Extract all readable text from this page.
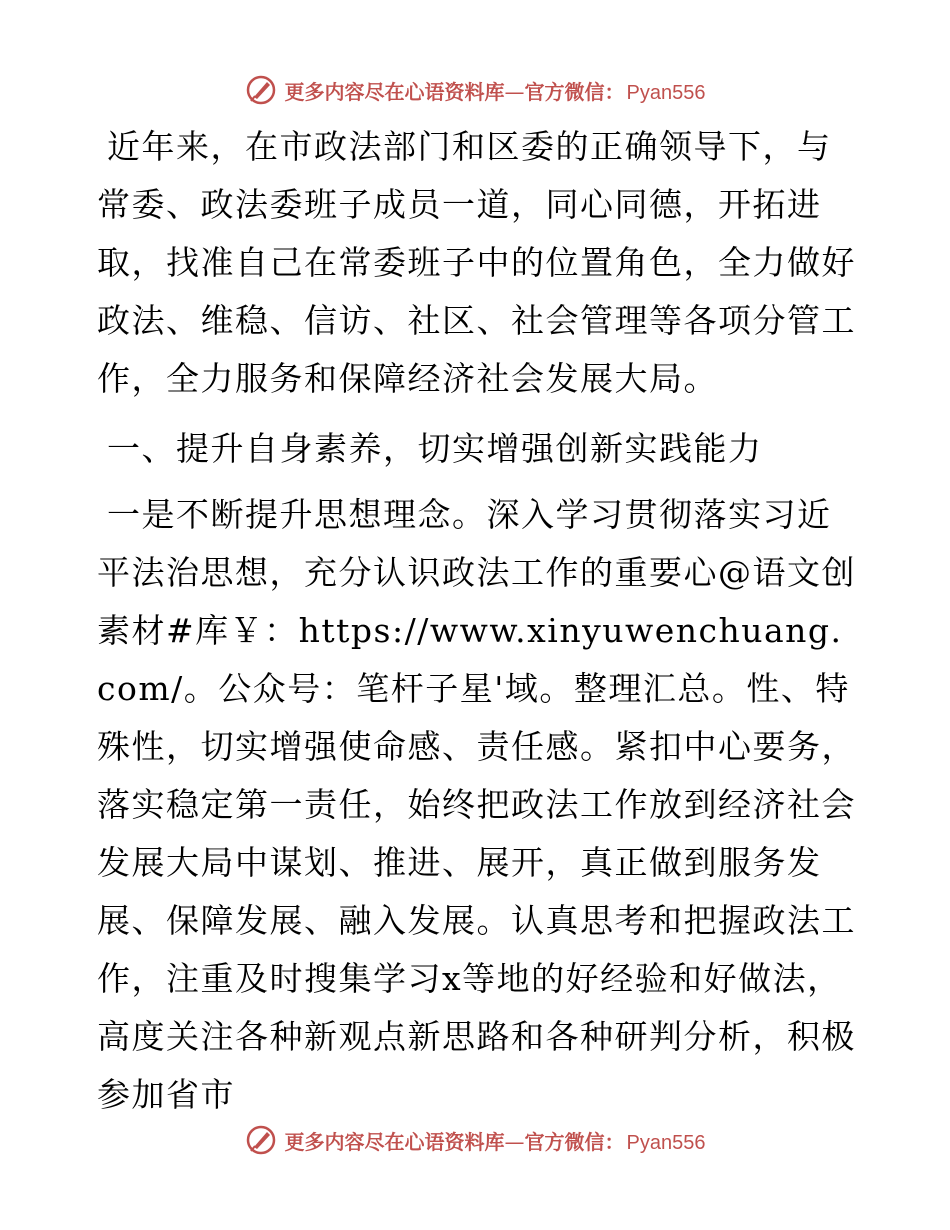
更多内容尽在心语资料库—官方微信： Pyan556

近年来，在市政法部门和区委的正确领导下，与常委、政法委班子成员一道，同心同德，开拓进取，找准自己在常委班子中的位置角色，全力做好政法、维稳、信访、社区、社会管理等各项分管工作，全力服务和保障经济社会发展大局。

一、提升自身素养，切实增强创新实践能力

一是不断提升思想理念。深入学习贯彻落实习近平法治思想，充分认识政法工作的重要心@语文创素材#库￥：https://www.xinyuwenchuang.com/。公众号：笔杆子星'域。整理汇总。性、特殊性，切实增强使命感、责任感。紧扣中心要务，落实稳定第一责任，始终把政法工作放到经济社会发展大局中谋划、推进、展开，真正做到服务发展、保障发展、融入发展。认真思考和把握政法工作，注重及时搜集学习x等地的好经验和好做法，高度关注各种新观点新思路和各种研判分析，积极参加省市

更多内容尽在心语资料库—官方微信： Pyan556
